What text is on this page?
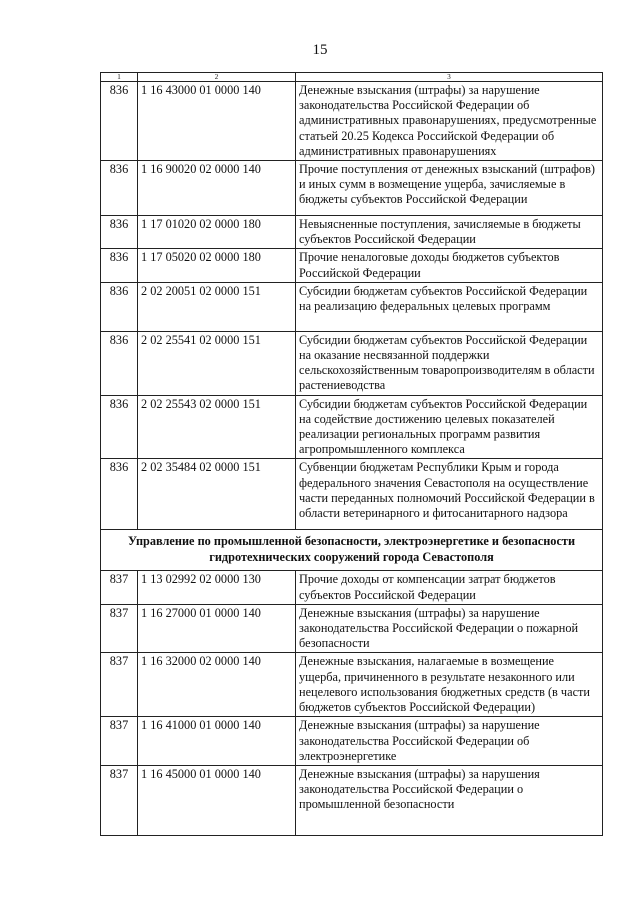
15
1	2	3
836	1 16 43000 01 0000 140	Денежные взыскания (штрафы) за нарушение законодательства Российской Федерации об административных правонарушениях, предусмотренные статьей 20.25 Кодекса Российской Федерации об административных правонарушениях
836	1 16 90020 02 0000 140	Прочие поступления от денежных взысканий (штрафов) и иных сумм в возмещение ущерба, зачисляемые в бюджеты субъектов Российской Федерации
836	1 17 01020 02 0000 180	Невыясненные поступления, зачисляемые в бюджеты субъектов Российской Федерации
836	1 17 05020 02 0000 180	Прочие неналоговые доходы бюджетов субъектов Российской Федерации
836	2 02 20051 02 0000 151	Субсидии бюджетам субъектов Российской Федерации на реализацию федеральных целевых программ
836	2 02 25541 02 0000 151	Субсидии бюджетам субъектов Российской Федерации на оказание несвязанной поддержки сельскохозяйственным товаропроизводителям в области растениеводства
836	2 02 25543 02 0000 151	Субсидии бюджетам субъектов Российской Федерации на содействие достижению целевых показателей реализации региональных программ развития агропромышленного комплекса
836	2 02 35484 02 0000 151	Субвенции бюджетам Республики Крым и города федерального значения Севастополя на осуществление части переданных полномочий Российской Федерации в области ветеринарного и фитосанитарного надзора
Управление по промышленной безопасности, электроэнергетике и безопасности гидротехнических сооружений города Севастополя		
837	1 13 02992 02 0000 130	Прочие доходы от компенсации затрат бюджетов субъектов Российской Федерации
837	1 16 27000 01 0000 140	Денежные взыскания (штрафы) за нарушение законодательства Российской Федерации о пожарной безопасности
837	1 16 32000 02 0000 140	Денежные взыскания, налагаемые в возмещение ущерба, причиненного в результате незаконного или нецелевого использования бюджетных средств (в части бюджетов субъектов Российской Федерации)
837	1 16 41000 01 0000 140	Денежные взыскания (штрафы) за нарушение законодательства Российской Федерации об электроэнергетике
837	1 16 45000 01 0000 140	Денежные взыскания (штрафы) за нарушения законодательства Российской Федерации о промышленной безопасности
